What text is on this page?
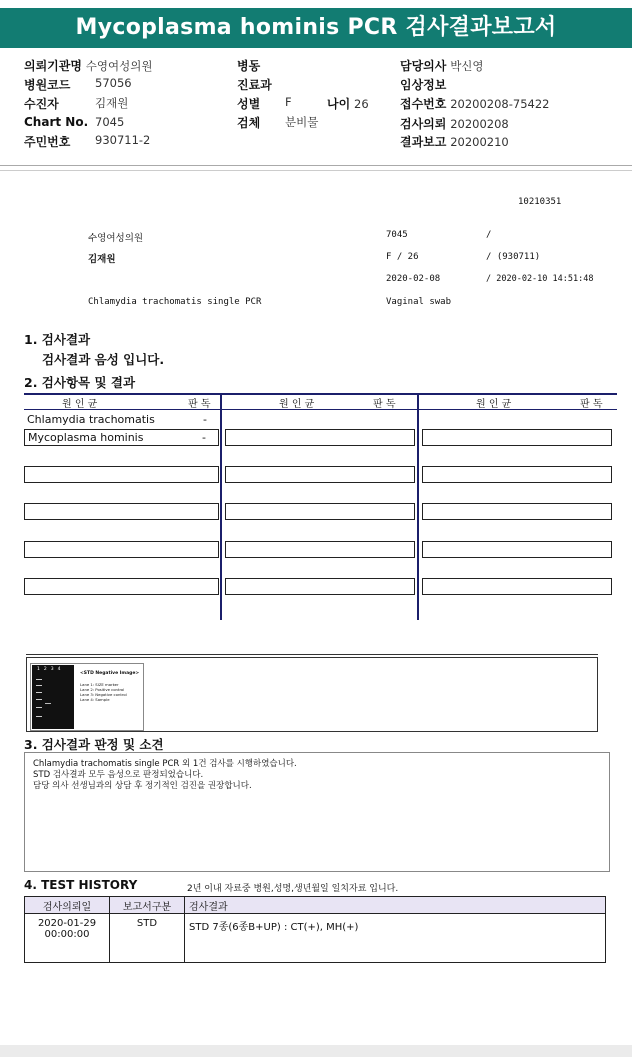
Mycoplasma hominis PCR 검사결과보고서
의뢰기관명 수영여성의원
병원코드 57056
수진자	김재원
Chart No. 7045
주민번호 930711-2
병동
진료과
성별 F	나이 26
검체 분비물
담당의사 박신영
임상정보
접수번호 20200208-75422
검사의뢰 20200208
결과보고 20200210
10210351
수영여성의원	7045	/
김재원	F / 26	/ (930711)
2020-02-08	/ 2020-02-10 14:51:48
Chlamydia trachomatis single PCR	Vaginal swab
1. 검사결과
검사결과 음성 입니다.
2. 검사항목 및 결과
원 인 균	판 독	원 인 균	판 독	원 인 균	판 독
Chlamydia trachomatis	-
Mycoplasma hominis	-
1234
<STD Negative Image>
Lane 1: SIZE marker
Lane 2: Positive control
Lane 3: Negative control
Lane 4: Sample
3. 검사결과 판정 및 소견
Chlamydia trachomatis single PCR 외 1건 검사를 시행하였습니다.
STD 검사결과 모두 음성으로 판정되었습니다.
담당 의사 선생님과의 상담 후 정기적인 검진을 권장합니다.
4. TEST HISTORY	2년 이내 자료중 병원,성명,생년월일 일치자료 입니다.
검사의뢰일	보고서구분	검사결과

2020-01-29
00:00:00	STD	STD 7종(6종B+UP) : CT(+), MH(+)
